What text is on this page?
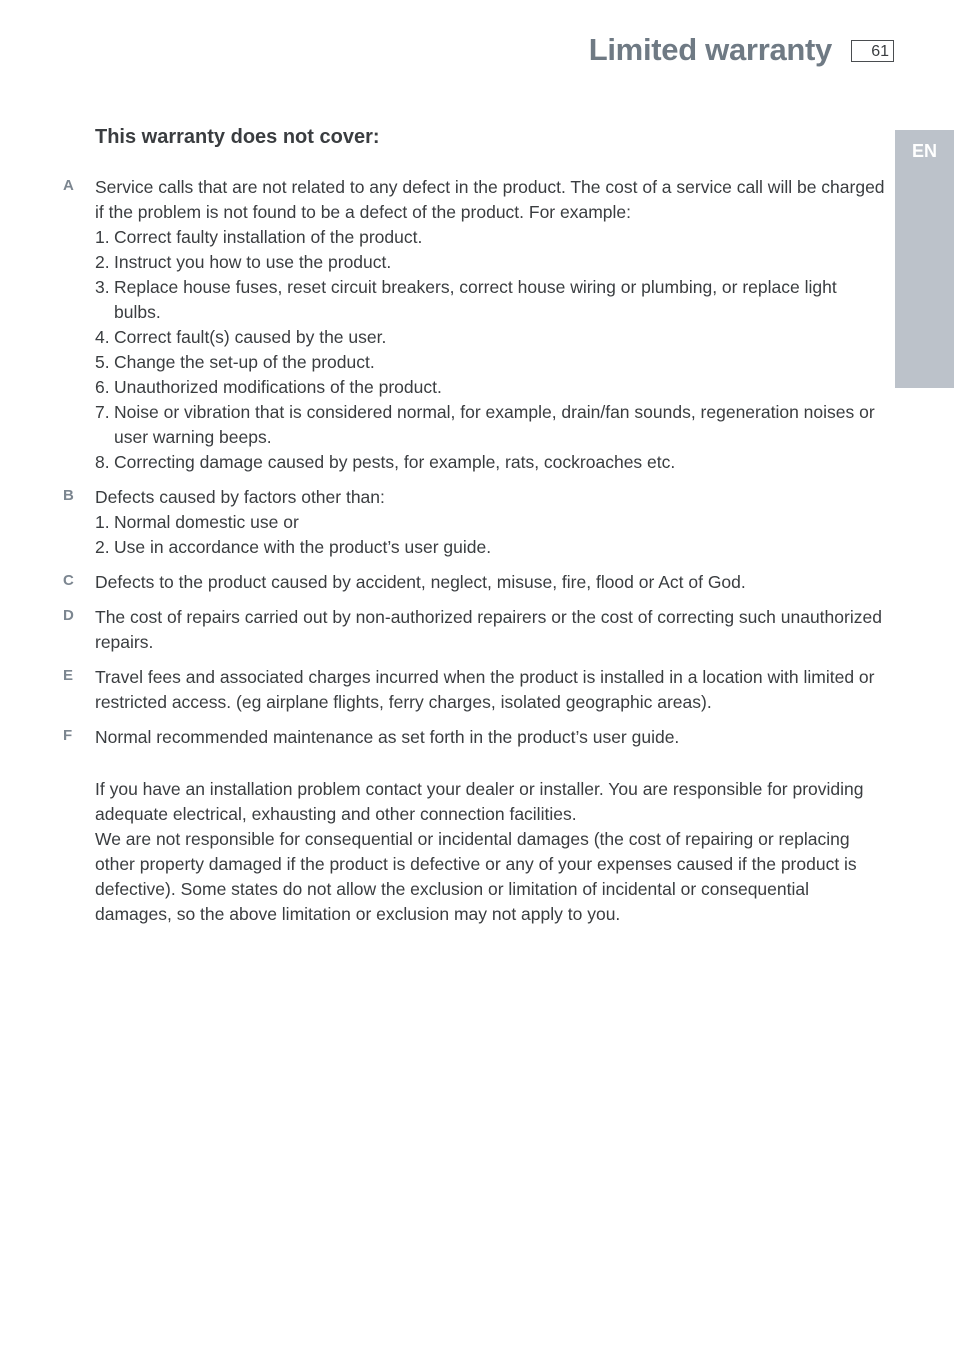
Limited warranty	61
EN
This warranty does not cover:
A Service calls that are not related to any defect in the product. The cost of a service call will be charged if the problem is not found to be a defect of the product. For example:
1. Correct faulty installation of the product.
2. Instruct you how to use the product.
3. Replace house fuses, reset circuit breakers, correct house wiring or plumbing, or replace light bulbs.
4. Correct fault(s) caused by the user.
5. Change the set-up of the product.
6. Unauthorized modifications of the product.
7. Noise or vibration that is considered normal, for example, drain/fan sounds, regeneration noises or user warning beeps.
8. Correcting damage caused by pests, for example, rats, cockroaches etc.
B Defects caused by factors other than:
1. Normal domestic use or
2. Use in accordance with the product’s user guide.
C Defects to the product caused by accident, neglect, misuse, fire, flood or Act of God.
D The cost of repairs carried out by non-authorized repairers or the cost of correcting such unauthorized repairs.
E Travel fees and associated charges incurred when the product is installed in a location with limited or restricted access. (eg airplane flights, ferry charges, isolated geographic areas).
F Normal recommended maintenance as set forth in the product’s user guide.

If you have an installation problem contact your dealer or installer. You are responsible for providing adequate electrical, exhausting and other connection facilities.

We are not responsible for consequential or incidental damages (the cost of repairing or replacing other property damaged if the product is defective or any of your expenses caused if the product is defective). Some states do not allow the exclusion or limitation of incidental or consequential damages, so the above limitation or exclusion may not apply to you.
